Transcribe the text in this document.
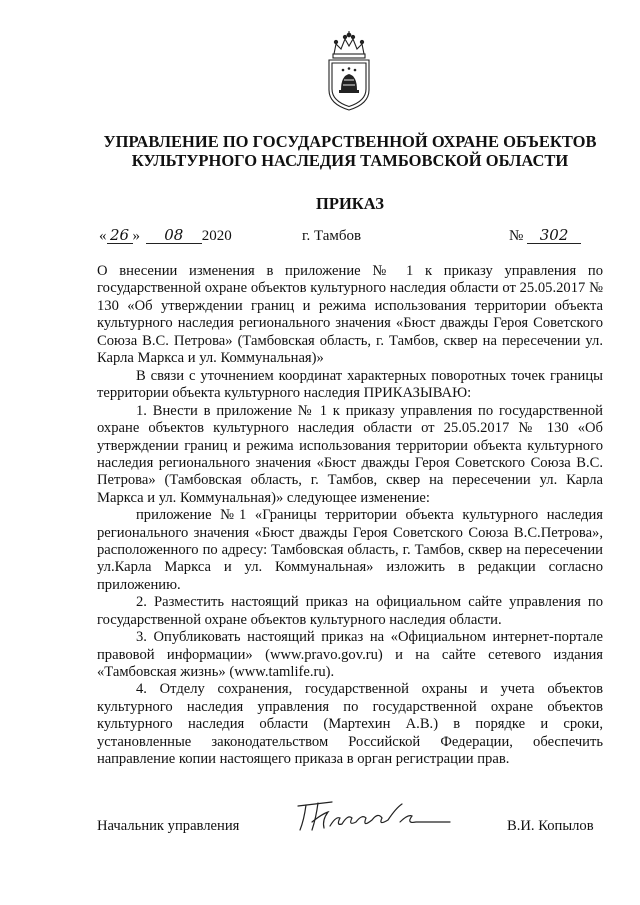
УПРАВЛЕНИЕ ПО ГОСУДАРСТВЕННОЙ ОХРАНЕ ОБЪЕКТОВ
КУЛЬТУРНОГО НАСЛЕДИЯ ТАМБОВСКОЙ ОБЛАСТИ
ПРИКАЗ
« 26 » 08 2020	г. Тамбов	№ 302

О внесении изменения в приложение № 1 к приказу управления по государственной охране объектов культурного наследия области от 25.05.2017 № 130 «Об утверждении границ и режима использования территории объекта культурного наследия регионального значения «Бюст дважды Героя Советского Союза В.С. Петрова» (Тамбовская область, г. Тамбов, сквер на пересечении ул. Карла Маркса и ул. Коммунальная)»

В связи с уточнением координат характерных поворотных точек границы территории объекта культурного наследия ПРИКАЗЫВАЮ:

1. Внести в приложение № 1 к приказу управления по государственной охране объектов культурного наследия области от 25.05.2017 № 130 «Об утверждении границ и режима использования территории объекта культурного наследия регионального значения «Бюст дважды Героя Советского Союза В.С. Петрова» (Тамбовская область, г. Тамбов, сквер на пересечении ул. Карла Маркса и ул. Коммунальная)» следующее изменение:

приложение №1 «Границы территории объекта культурного наследия регионального значения «Бюст дважды Героя Советского Союза В.С.Петрова», расположенного по адресу: Тамбовская область, г. Тамбов, сквер на пересечении ул.Карла Маркса и ул. Коммунальная» изложить в редакции согласно приложению.

2. Разместить настоящий приказ на официальном сайте управления по государственной охране объектов культурного наследия области.

3. Опубликовать настоящий приказ на «Официальном интернет-портале правовой информации» (www.pravo.gov.ru) и на сайте сетевого издания «Тамбовская жизнь» (www.tamlife.ru).

4. Отделу сохранения, государственной охраны и учета объектов культурного наследия управления по государственной охране объектов культурного наследия области (Мартехин А.В.) в порядке и сроки, установленные законодательством Российской Федерации, обеспечить направление копии настоящего приказа в орган регистрации прав.

Начальник управления	В.И. Копылов
